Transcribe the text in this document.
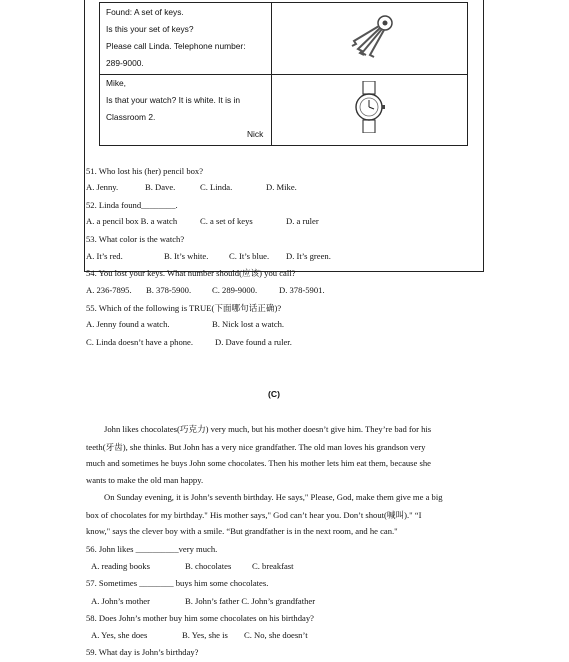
Found: A set of keys.
Is this your set of keys?
Please call Linda. Telephone number:
289-9000.
Mike,
Is that your watch? It is white. It is in
Classroom 2.
Nick
51. Who lost his (her) pencil box?
A. Jenny.	B. Dave.	C. Linda.	D. Mike.
52. Linda found________.
A. a pencil box B. a watch	C. a set of keys	D. a ruler
53. What color is the watch?
A. It’s red.	B. It’s white. C. It’s blue. D. It’s green.
54. You lost your keys. What number should(应该) you call?
A. 236-7895. B. 378-5900. C. 289-9000.	D. 378-5901.
55. Which of the following is TRUE(下面哪句话正确)?
A. Jenny found a watch.	B. Nick lost a watch.
C. Linda doesn’t have a phone.	D. Dave found a ruler.
(C)
John likes chocolates(巧克力) very much, but his mother doesn’t give him. They’re bad for his
teeth(牙齿), she thinks. But John has a very nice grandfather. The old man loves his grandson very
much and sometimes he buys John some chocolates. Then his mother lets him eat them, because she
wants to make the old man happy.
On Sunday evening, it is John’s seventh birthday. He says," Please, God, make them give me a big
box of chocolates for my birthday." His mother says," God can’t hear you. Don’t shout(喊叫)." “I
know," says the clever boy with a smile. “But grandfather is in the next room, and he can."
56. John likes __________very much.
A. reading books	B. chocolates C. breakfast
57. Sometimes ________ buys him some chocolates.
A. John’s mother	B. John’s father C. John’s grandfather
58. Does John’s mother buy him some chocolates on his birthday?
A. Yes, she does	B. Yes, she is C. No, she doesn’t
59. What day is John’s birthday?
